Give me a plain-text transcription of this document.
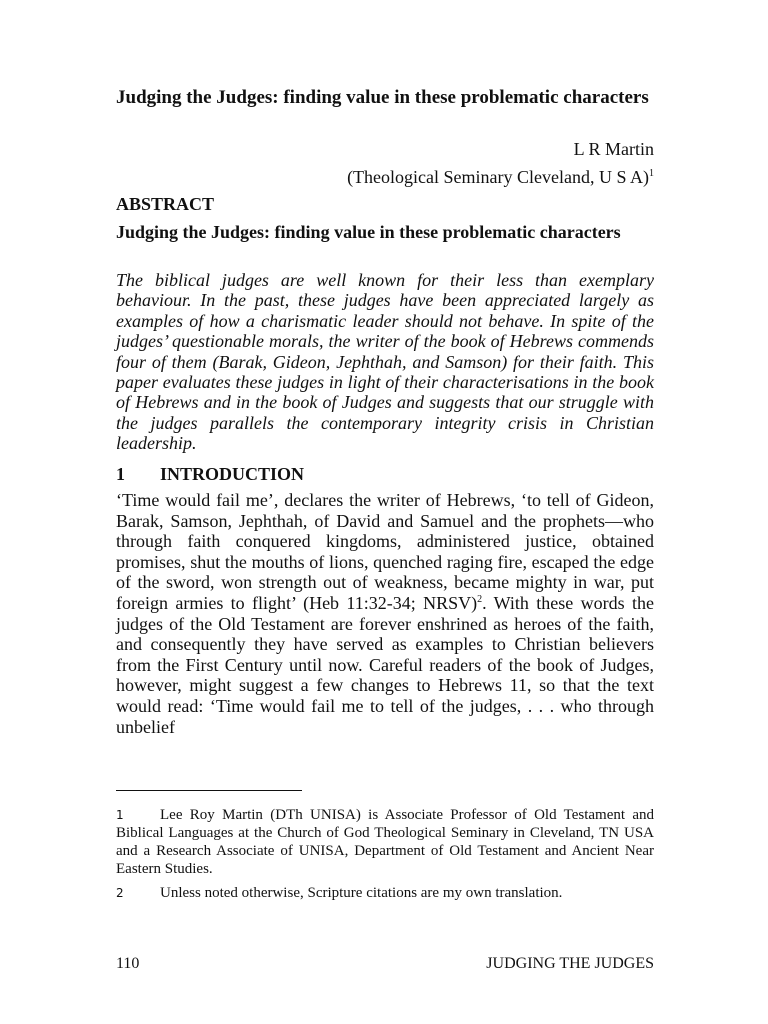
Judging the Judges: finding value in these problematic characters
L R Martin
(Theological Seminary Cleveland, U S A)$^1$
ABSTRACT
Judging the Judges: finding value in these problematic characters
The biblical judges are well known for their less than exemplary behaviour. In the past, these judges have been appreciated largely as examples of how a charismatic leader should not behave. In spite of the judges’ questionable morals, the writer of the book of Hebrews commends four of them (Barak, Gideon, Jephthah, and Samson) for their faith. This paper evaluates these judges in light of their characterisations in the book of Hebrews and in the book of Judges and suggests that our struggle with the judges parallels the contemporary integrity crisis in Christian leadership.
1 INTRODUCTION
‘Time would fail me’, declares the writer of Hebrews, ‘to tell of Gideon, Barak, Samson, Jephthah, of David and Samuel and the prophets—who through faith conquered kingdoms, administered justice, obtained promises, shut the mouths of lions, quenched raging fire, escaped the edge of the sword, won strength out of weakness, became mighty in war, put foreign armies to flight’ (Heb 11:32-34; NRSV)$^2$. With these words the judges of the Old Testament are forever enshrined as heroes of the faith, and consequently they have served as examples to Christian believers from the First Century until now. Careful readers of the book of Judges, however, might suggest a few changes to Hebrews 11, so that the text would read: ‘Time would fail me to tell of the judges, . . . who through unbelief
1 Lee Roy Martin (DTh UNISA) is Associate Professor of Old Testament and Biblical Languages at the Church of God Theological Seminary in Cleveland, TN USA and a Research Associate of UNISA, Department of Old Testament and Ancient Near Eastern Studies.
2 Unless noted otherwise, Scripture citations are my own translation.
110	JUDGING THE JUDGES
